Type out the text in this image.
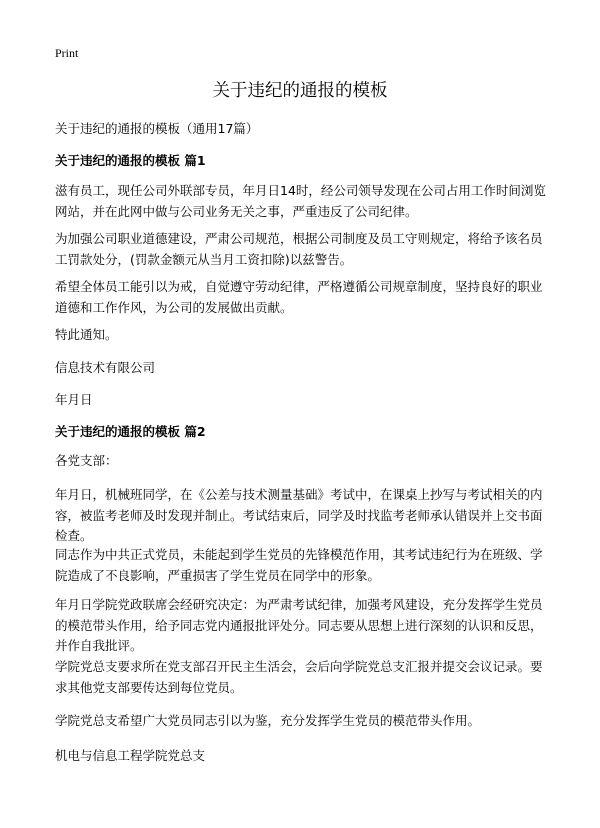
Print
关于违纪的通报的模板
关于违纪的通报的模板（通用17篇）
关于违纪的通报的模板 篇1

滋有员工，现任公司外联部专员，年月日14时，经公司领导发现在公司占用工作时间浏览网站，并在此网中做与公司业务无关之事，严重违反了公司纪律。

为加强公司职业道德建设，严肃公司规范，根据公司制度及员工守则规定，将给予该名员工罚款处分，(罚款金额元从当月工资扣除)以兹警告。

希望全体员工能引以为戒，自觉遵守劳动纪律，严格遵循公司规章制度，坚持良好的职业道德和工作作风，为公司的发展做出贡献。

特此通知。

信息技术有限公司

年月日

关于违纪的通报的模板 篇2

各党支部：

年月日，机械班同学，在《公差与技术测量基础》考试中，在课桌上抄写与考试相关的内容，被监考老师及时发现并制止。考试结束后，同学及时找监考老师承认错误并上交书面检查。

同志作为中共正式党员，未能起到学生党员的先锋模范作用，其考试违纪行为在班级、学院造成了不良影响，严重损害了学生党员在同学中的形象。

年月日学院党政联席会经研究决定：为严肃考试纪律，加强考风建设，充分发挥学生党员的模范带头作用，给予同志党内通报批评处分。同志要从思想上进行深刻的认识和反思，并作自我批评。

学院党总支要求所在党支部召开民主生活会，会后向学院党总支汇报并提交会议记录。要求其他党支部要传达到每位党员。

学院党总支希望广大党员同志引以为鉴，充分发挥学生党员的模范带头作用。

机电与信息工程学院党总支
